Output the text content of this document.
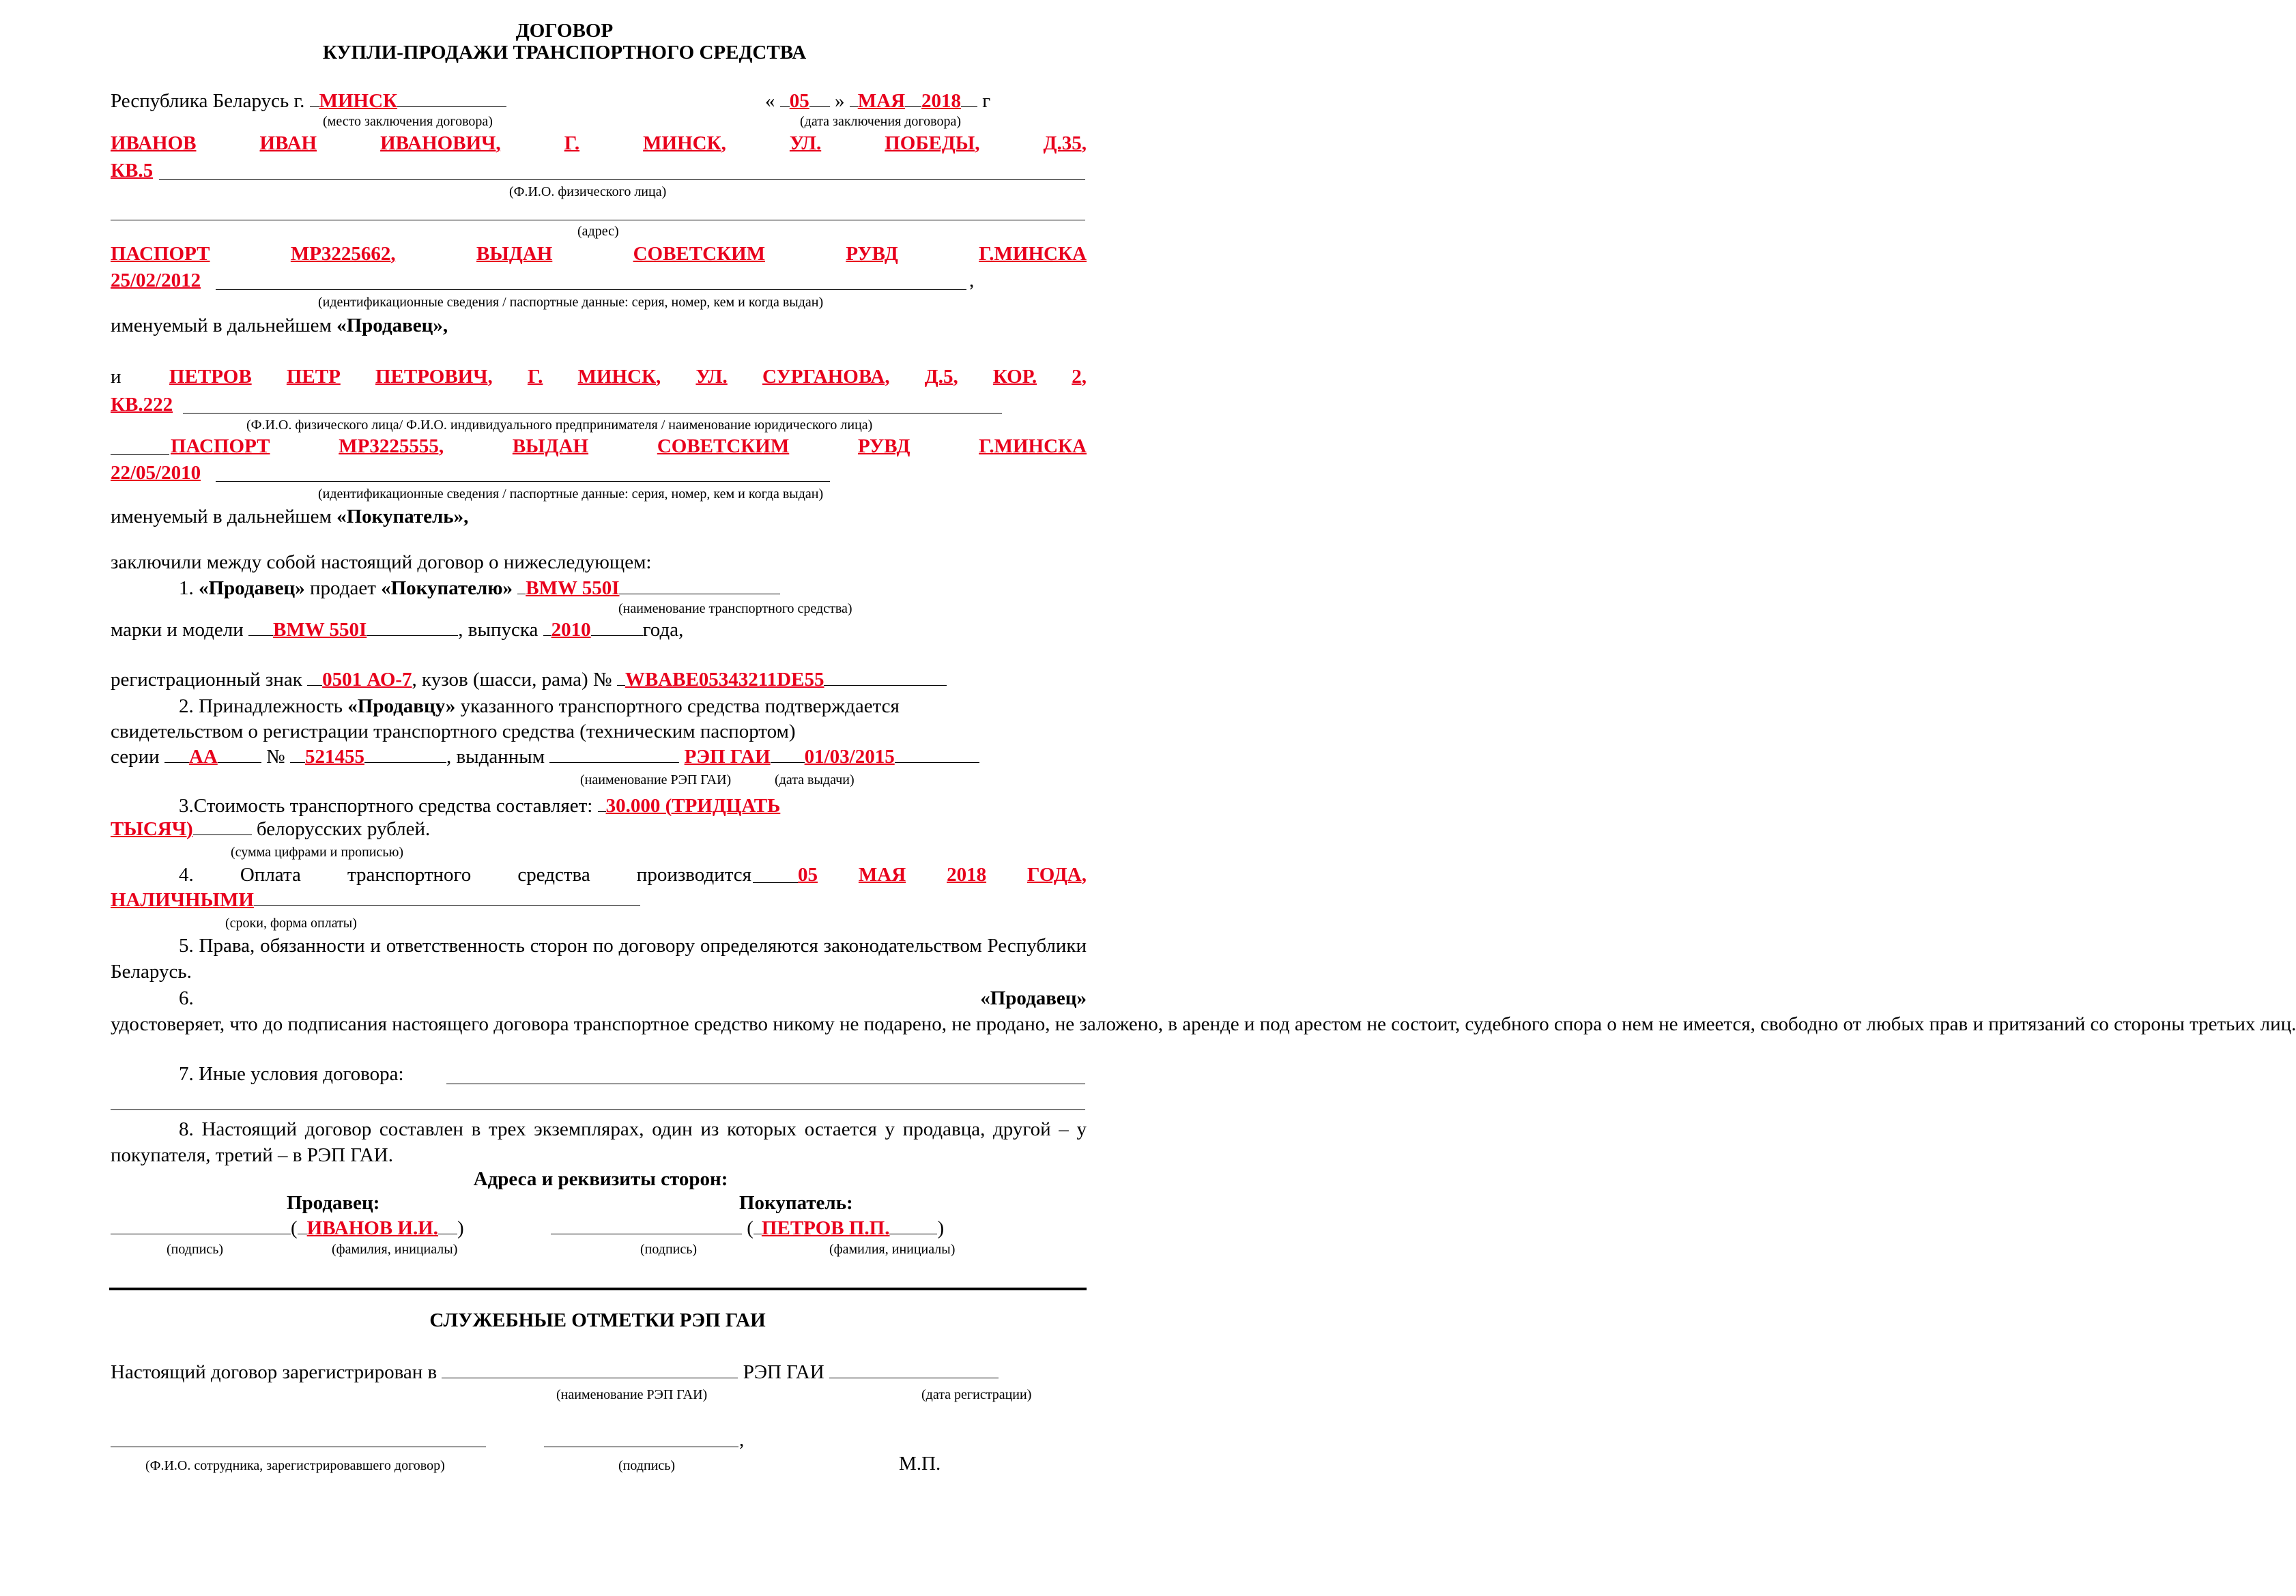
ДОГОВОР
КУПЛИ-ПРОДАЖИ ТРАНСПОРТНОГО СРЕДСТВА
Республика Беларусь г. МИНСК	« 05 » МАЯ 2018 г
(место заключения договора)	(дата заключения договора)
ИВАНОВ	ИВАН	ИВАНОВИЧ,	Г.	МИНСК,	УЛ.	ПОБЕДЫ,	Д.35,
КВ.5
(Ф.И.О. физического лица)
(адрес)
ПАСПОРТ	МР3225662,	ВЫДАН	СОВЕТСКИМ	РУВД	Г.МИНСКА
25/02/2012	,
(идентификационные сведения / паспортные данные: серия, номер, кем и когда выдан)
именуемый в дальнейшем «Продавец»,
и ПЕТРОВ ПЕТР ПЕТРОВИЧ, Г. МИНСК, УЛ. СУРГАНОВА, Д.5, КОР. 2,
КВ.222
(Ф.И.О. физического лица/ Ф.И.О. индивидуального предпринимателя / наименование юридического лица)
ПАСПОРТ	МР3225555,	ВЫДАН	СОВЕТСКИМ	РУВД	Г.МИНСКА
22/05/2010
(идентификационные сведения / паспортные данные: серия, номер, кем и когда выдан)
именуемый в дальнейшем «Покупатель»,
заключили между собой настоящий договор о нижеследующем:
1. «Продавец» продает «Покупателю» BMW 550I
(наименование транспортного средства)
марки и модели BMW 550I	, выпуска 2010	года,
регистрационный знак 0501 АО-7, кузов (шасси, рама) № WBABE05343211DE55
2. Принадлежность «Продавцу» указанного транспортного средства подтверждается
свидетельством о регистрации транспортного средства (техническим паспортом)
серии АА № 521455	, выданным	РЭП ГАИ 01/03/2015
(наименование РЭП ГАИ)	(дата выдачи)
3.Стоимость транспортного средства составляет: 30.000 (ТРИДЦАТЬ
ТЫСЯЧ)	белорусских рублей.
(сумма цифрами и прописью)
4. Оплата транспортного средства производится 05 МАЯ 2018 ГОДА,
НАЛИЧНЫМИ
(сроки, форма оплаты)
5. Права, обязанности и ответственность сторон по договору определяются законодательством Республики Беларусь.
6.	«Продавец» удостоверяет, что до подписания настоящего договора транспортное средство никому не подарено, не продано, не заложено, в аренде и под арестом не состоит, судебного спора о нем не имеется, свободно от любых прав и притязаний со стороны третьих лиц.
7. Иные условия договора:
8. Настоящий договор составлен в трех экземплярах, один из которых остается у продавца, другой – у покупателя, третий – в РЭП ГАИ.
Адреса и реквизиты сторон:
Продавец:	Покупатель:
( ИВАНОВ И.И. )	( ПЕТРОВ П.П. )
(подпись)	(фамилия, инициалы)	(подпись)	(фамилия, инициалы)
СЛУЖЕБНЫЕ ОТМЕТКИ РЭП ГАИ
Настоящий договор зарегистрирован в	РЭП ГАИ
(наименование РЭП ГАИ)	(дата регистрации)
,
(Ф.И.О. сотрудника, зарегистрировавшего договор)	(подпись)	М.П.
